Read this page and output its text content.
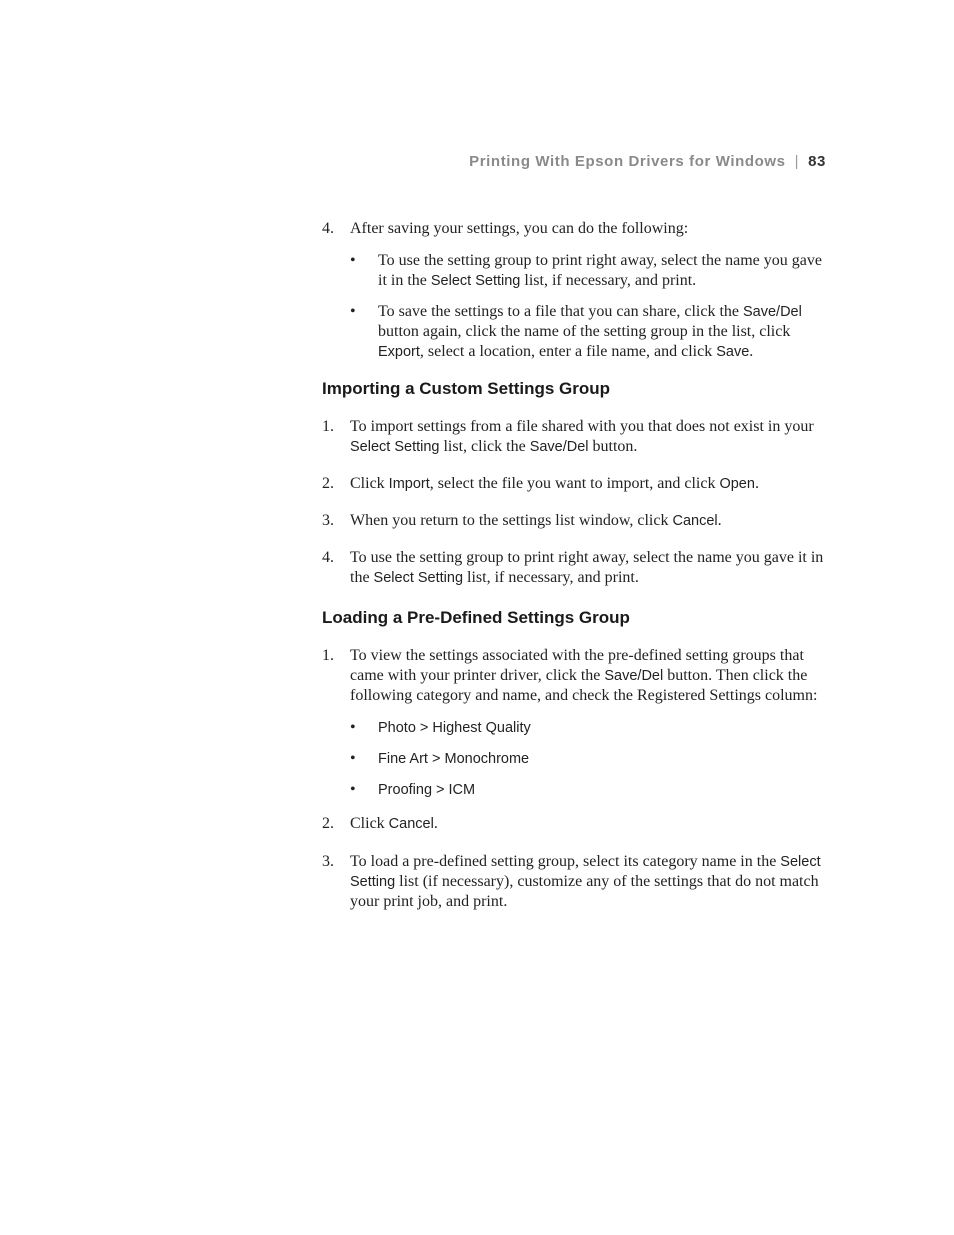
Printing With Epson Drivers for Windows | 83
4. After saving your settings, you can do the following:
• To use the setting group to print right away, select the name you gave it in the Select Setting list, if necessary, and print.
• To save the settings to a file that you can share, click the Save/Del button again, click the name of the setting group in the list, click Export, select a location, enter a file name, and click Save.
Importing a Custom Settings Group
1. To import settings from a file shared with you that does not exist in your Select Setting list, click the Save/Del button.
2. Click Import, select the file you want to import, and click Open.
3. When you return to the settings list window, click Cancel.
4. To use the setting group to print right away, select the name you gave it in the Select Setting list, if necessary, and print.
Loading a Pre-Defined Settings Group
1. To view the settings associated with the pre-defined setting groups that came with your printer driver, click the Save/Del button. Then click the following category and name, and check the Registered Settings column:
• Photo > Highest Quality
• Fine Art > Monochrome
• Proofing > ICM
2. Click Cancel.
3. To load a pre-defined setting group, select its category name in the Select Setting list (if necessary), customize any of the settings that do not match your print job, and print.
